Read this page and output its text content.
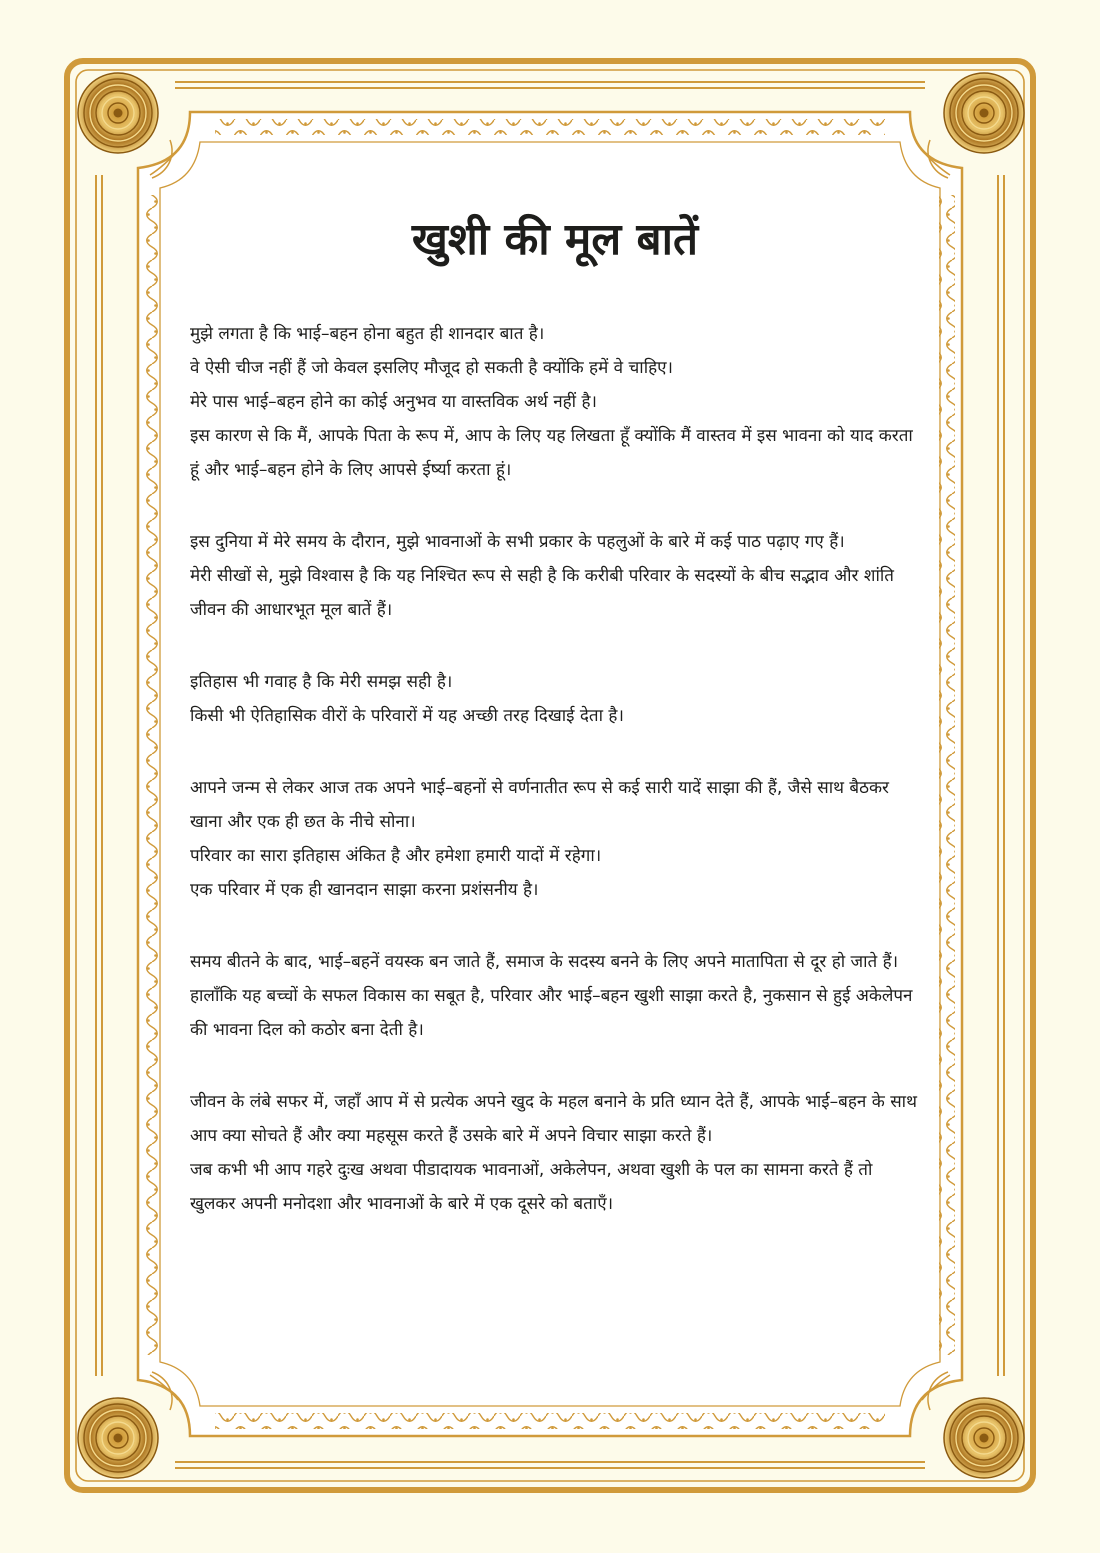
खुशी की मूल बातें

मुझे लगता है कि भाई–बहन होना बहुत ही शानदार बात है।

वे ऐसी चीज नहीं हैं जो केवल इसलिए मौजूद हो सकती है क्योंकि हमें वे चाहिए।

मेरे पास भाई–बहन होने का कोई अनुभव या वास्तविक अर्थ नहीं है।

इस कारण से कि मैं, आपके पिता के रूप में, आप के लिए यह लिखता हूँ क्योंकि मैं वास्तव में इस भावना को याद करता हूं और भाई–बहन होने के लिए आपसे ईर्ष्या करता हूं।

इस दुनिया में मेरे समय के दौरान, मुझे भावनाओं के सभी प्रकार के पहलुओं के बारे में कई पाठ पढ़ाए गए हैं।

मेरी सीखों से, मुझे विश्वास है कि यह निश्चित रूप से सही है कि करीबी परिवार के सदस्यों के बीच सद्भाव और शांति जीवन की आधारभूत मूल बातें हैं।

इतिहास भी गवाह है कि मेरी समझ सही है।

किसी भी ऐतिहासिक वीरों के परिवारों में यह अच्छी तरह दिखाई देता है।

आपने जन्म से लेकर आज तक अपने भाई–बहनों से वर्णनातीत रूप से कई सारी यादें साझा की हैं, जैसे साथ बैठकर खाना और एक ही छत के नीचे सोना।

परिवार का सारा इतिहास अंकित है और हमेशा हमारी यादों में रहेगा।

एक परिवार में एक ही खानदान साझा करना प्रशंसनीय है।

समय बीतने के बाद, भाई–बहनें वयस्क बन जाते हैं, समाज के सदस्य बनने के लिए अपने मातापिता से दूर हो जाते हैं।

हालाँकि यह बच्चों के सफल विकास का सबूत है, परिवार और भाई–बहन खुशी साझा करते है, नुकसान से हुई अकेलेपन की भावना दिल को कठोर बना देती है।

जीवन के लंबे सफर में, जहाँ आप में से प्रत्येक अपने खुद के महल बनाने के प्रति ध्यान देते हैं, आपके भाई–बहन के साथ आप क्या सोचते हैं और क्या महसूस करते हैं उसके बारे में अपने विचार साझा करते हैं।

जब कभी भी आप गहरे दुःख अथवा पीडादायक भावनाओं, अकेलेपन, अथवा खुशी के पल का सामना करते हैं तो खुलकर अपनी मनोदशा और भावनाओं के बारे में एक दूसरे को बताएँ।
